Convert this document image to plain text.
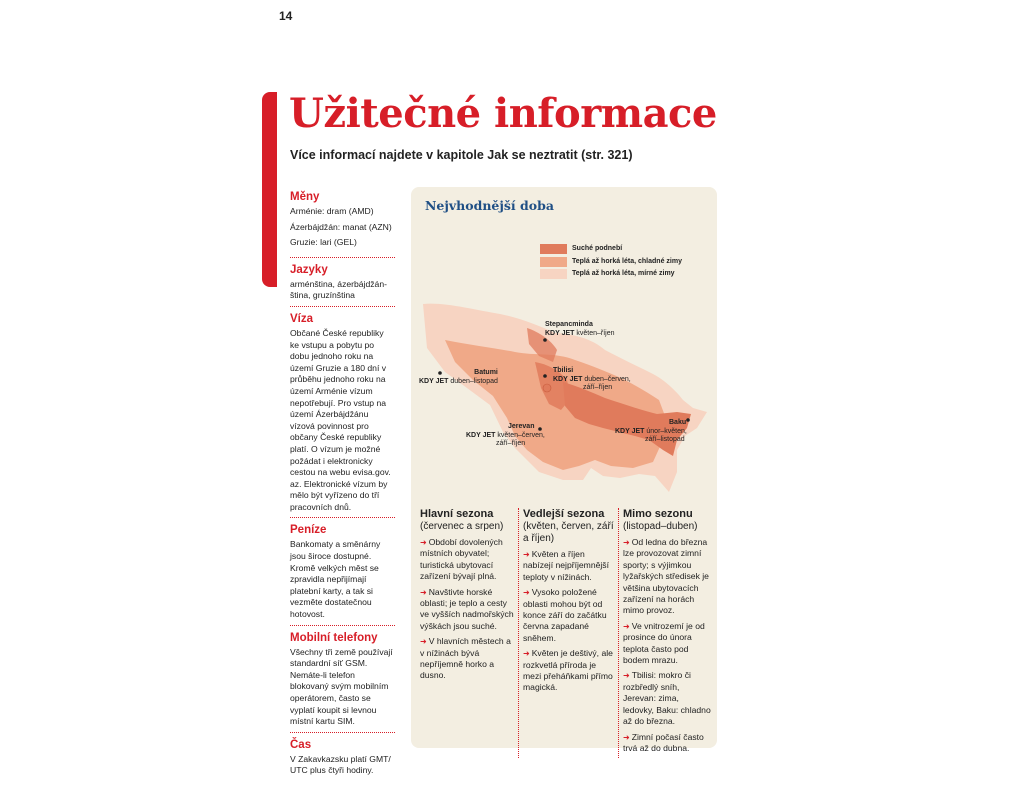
14
Užitečné informace
Více informací najdete v kapitole Jak se neztratit (str. 321)
Měny

Arménie: dram (AMD)

Ázerbájdžán: manat (AZN)

Gruzie: lari (GEL)

Jazyky

arménština, ázerbájdžán-
ština, gruzínština

Víza

Občané České republiky ke vstupu a pobytu po dobu jednoho roku na území Gruzie a 180 dní v průběhu jednoho roku na území Arménie vízum nepotřebují. Pro vstup na území Ázerbájdžánu vízová povinnost pro občany České republiky platí. O vízum je možné požádat i elektronicky cestou na webu evisa.gov. az. Elektronické vízum by mělo být vyřízeno do tří pracovních dnů.

Peníze

Bankomaty a směnárny jsou široce dostupné. Kromě velkých měst se zpravidla nepřijímají platební karty, a tak si vezměte dostatečnou hotovost.

Mobilní telefony

Všechny tři země používají standardní síť GSM. Nemáte-li telefon blokovaný svým mobilním operátorem, často se vyplatí koupit si levnou místní kartu SIM.

Čas

V Zakavkazsku platí GMT/ UTC plus čtyři hodiny.

Nejvhodnější doba
Suché podnebí
Teplá až horká léta, chladné zimy
Teplá až horká léta, mírné zimy
Stepancminda
KDY JET květen–říjen
Batumi
KDY JET duben–listopad
Tbilisi
KDY JET duben–červen,
září–říjen
Jerevan
KDY JET květen–červen,
září–říjen
Baku
KDY JET únor–květen,
září–listopad
Hlavní sezona
(červenec a srpen)

➜ Období dovolených místních obyvatel; turistická ubytovací zařízení bývají plná.

➜ Navštivte horské oblasti; je teplo a cesty ve vyšších nadmořských výškách jsou suché.

➜ V hlavních městech a v nížinách bývá nepříjemně horko a dusno.

Vedlejší sezona
(květen, červen, září a říjen)

➜ Květen a říjen nabízejí nejpříjemnější teploty v nížinách.

➜ Vysoko položené oblasti mohou být od konce září do začátku června zapadané sněhem.

➜ Květen je deštivý, ale rozkvetlá příroda je mezi přeháňkami přímo magická.

Mimo sezonu
(listopad–duben)

➜ Od ledna do března lze provozovat zimní sporty; s výjimkou lyžařských středisek je většina ubytovacích zařízení na horách mimo provoz.

➜ Ve vnitrozemí je od prosince do února teplota často pod bodem mrazu.

➜ Tbilisi: mokro či rozbředlý sníh, Jerevan: zima, ledovky, Baku: chladno až do března.

➜ Zimní počasí často trvá až do dubna.
